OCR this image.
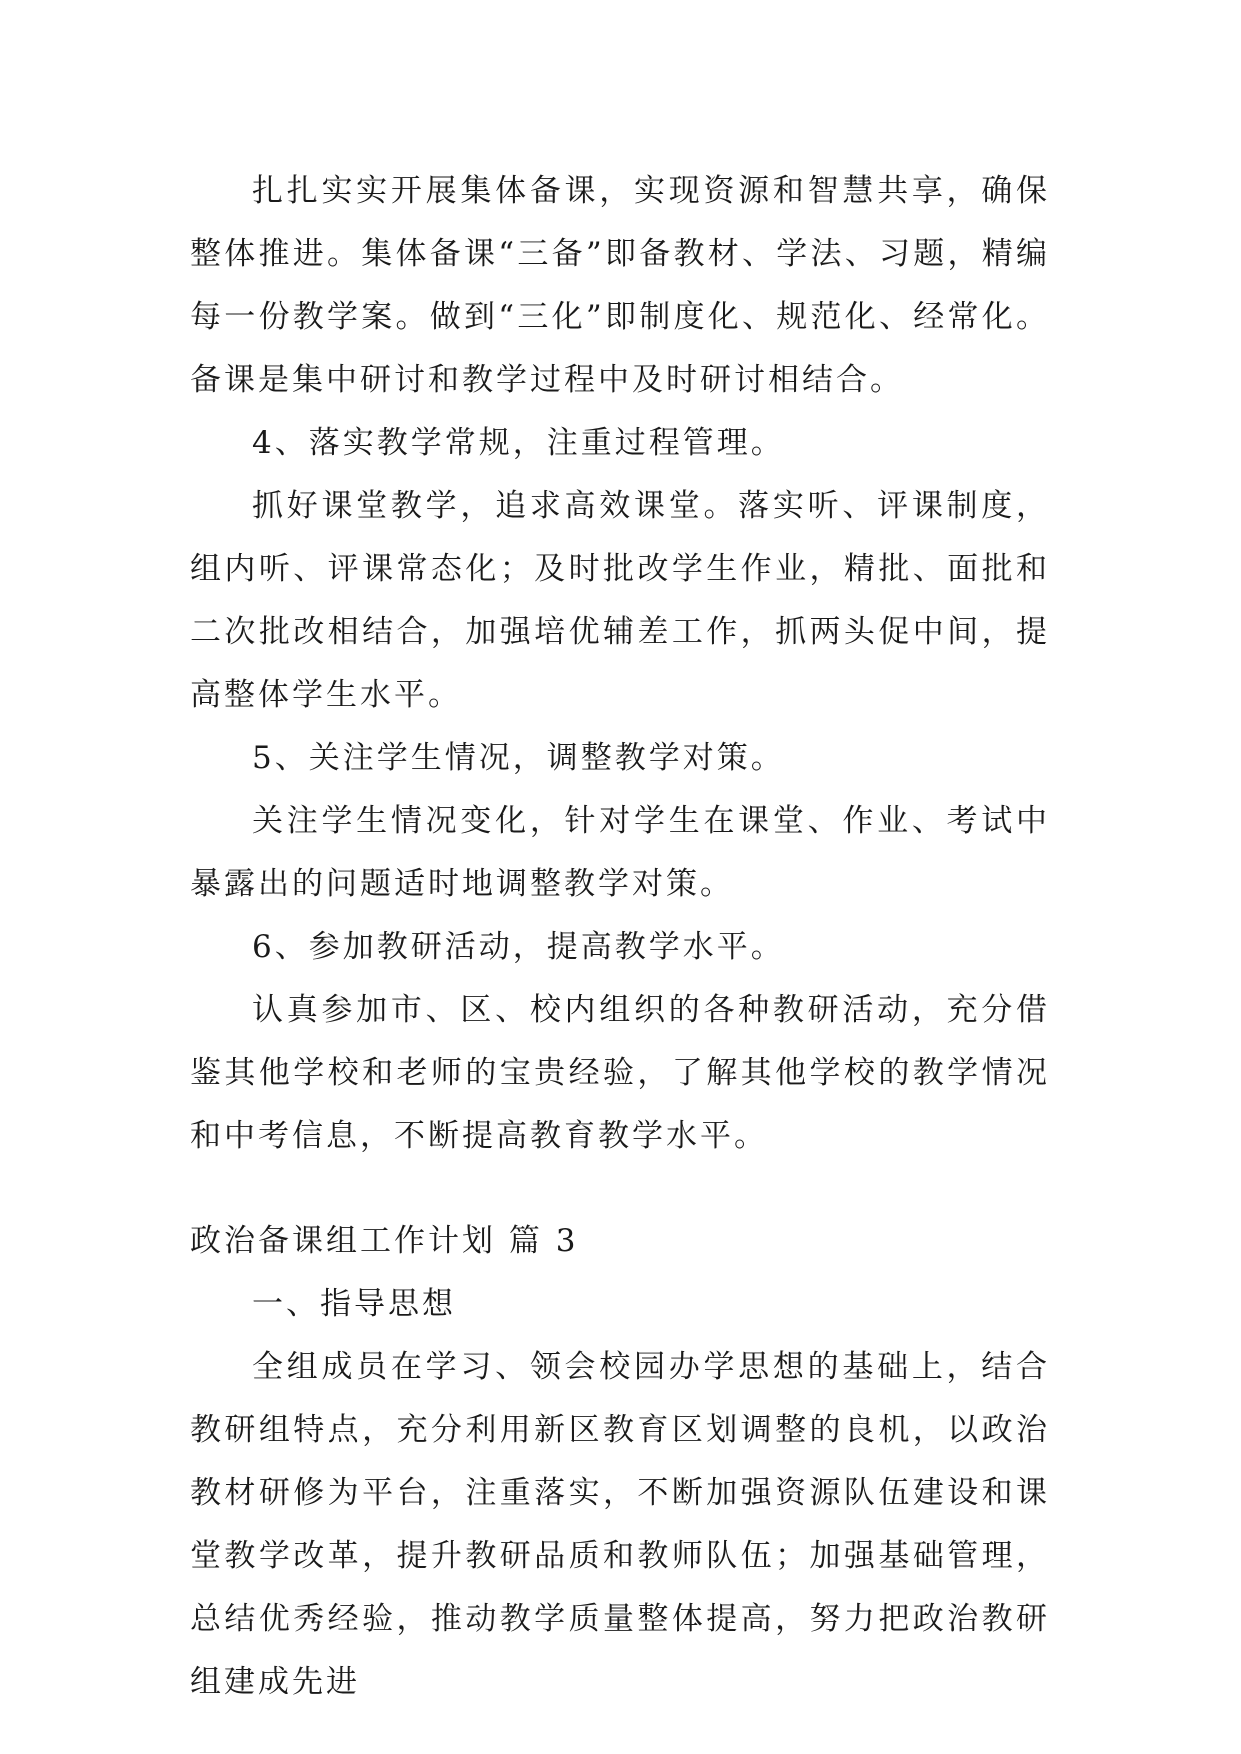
扎扎实实开展集体备课，实现资源和智慧共享，确保整体推进。集体备课“三备”即备教材、学法、习题，精编每一份教学案。做到“三化”即制度化、规范化、经常化。备课是集中研讨和教学过程中及时研讨相结合。

4、落实教学常规，注重过程管理。

抓好课堂教学，追求高效课堂。落实听、评课制度，组内听、评课常态化；及时批改学生作业，精批、面批和二次批改相结合，加强培优辅差工作，抓两头促中间，提高整体学生水平。

5、关注学生情况，调整教学对策。

关注学生情况变化，针对学生在课堂、作业、考试中暴露出的问题适时地调整教学对策。

6、参加教研活动，提高教学水平。

认真参加市、区、校内组织的各种教研活动，充分借鉴其他学校和老师的宝贵经验，了解其他学校的教学情况和中考信息，不断提高教育教学水平。

政治备课组工作计划 篇 3

一、指导思想

全组成员在学习、领会校园办学思想的基础上，结合教研组特点，充分利用新区教育区划调整的良机，以政治教材研修为平台，注重落实，不断加强资源队伍建设和课堂教学改革，提升教研品质和教师队伍；加强基础管理，总结优秀经验，推动教学质量整体提高，努力把政治教研组建成先进
